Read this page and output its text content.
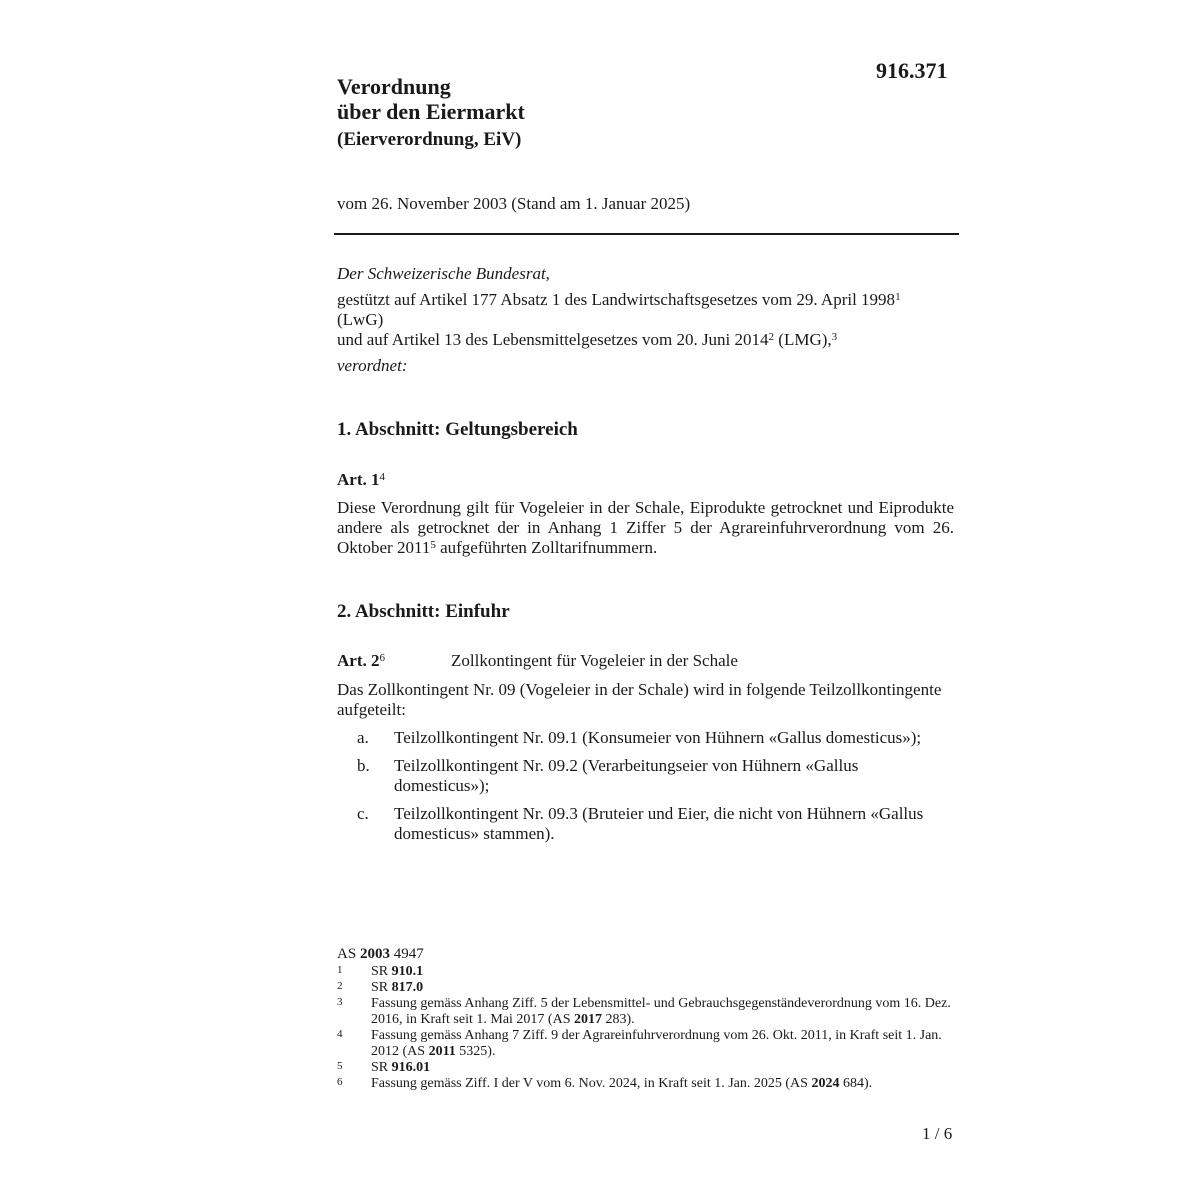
916.371
Verordnung
über den Eiermarkt
(Eierverordnung, EiV)
vom 26. November 2003 (Stand am 1. Januar 2025)

Der Schweizerische Bundesrat,

gestützt auf Artikel 177 Absatz 1 des Landwirtschaftsgesetzes vom 29. April 1998$^1$
(LwG)

und auf Artikel 13 des Lebensmittelgesetzes vom 20. Juni 2014$^2$ (LMG),$^3$

verordnet:

1. Abschnitt: Geltungsbereich
Art. $1^4$
Diese Verordnung gilt für Vogeleier in der Schale, Eiprodukte getrocknet und Eiprodukte andere als getrocknet der in Anhang 1 Ziffer 5 der Agrareinfuhrverordnung vom 26. Oktober 2011$^5$ aufgeführten Zolltarifnummern.
2. Abschnitt: Einfuhr
Art. $2^6$	Zollkontingent für Vogeleier in der Schale
Das Zollkontingent Nr. 09 (Vogeleier in der Schale) wird in folgende Teilzollkontingente aufgeteilt:
a.	Teilzollkontingent Nr. 09.1 (Konsumeier von Hühnern «Gallus domesticus»);
b.	Teilzollkontingent Nr. 09.2 (Verarbeitungseier von Hühnern «Gallus domesticus»);
c.	Teilzollkontingent Nr. 09.3 (Bruteier und Eier, die nicht von Hühnern «Gallus domesticus» stammen).
AS 2003 4947
1	SR 910.1
2	SR 817.0
3	Fassung gemäss Anhang Ziff. 5 der Lebensmittel- und Gebrauchsgegenständeverordnung vom 16. Dez. 2016, in Kraft seit 1. Mai 2017 (AS 2017 283).
4	Fassung gemäss Anhang 7 Ziff. 9 der Agrareinfuhrverordnung vom 26. Okt. 2011, in Kraft seit 1. Jan. 2012 (AS 2011 5325).
5	SR 916.01
6	Fassung gemäss Ziff. I der V vom 6. Nov. 2024, in Kraft seit 1. Jan. 2025 (AS 2024 684).
1 / 6
